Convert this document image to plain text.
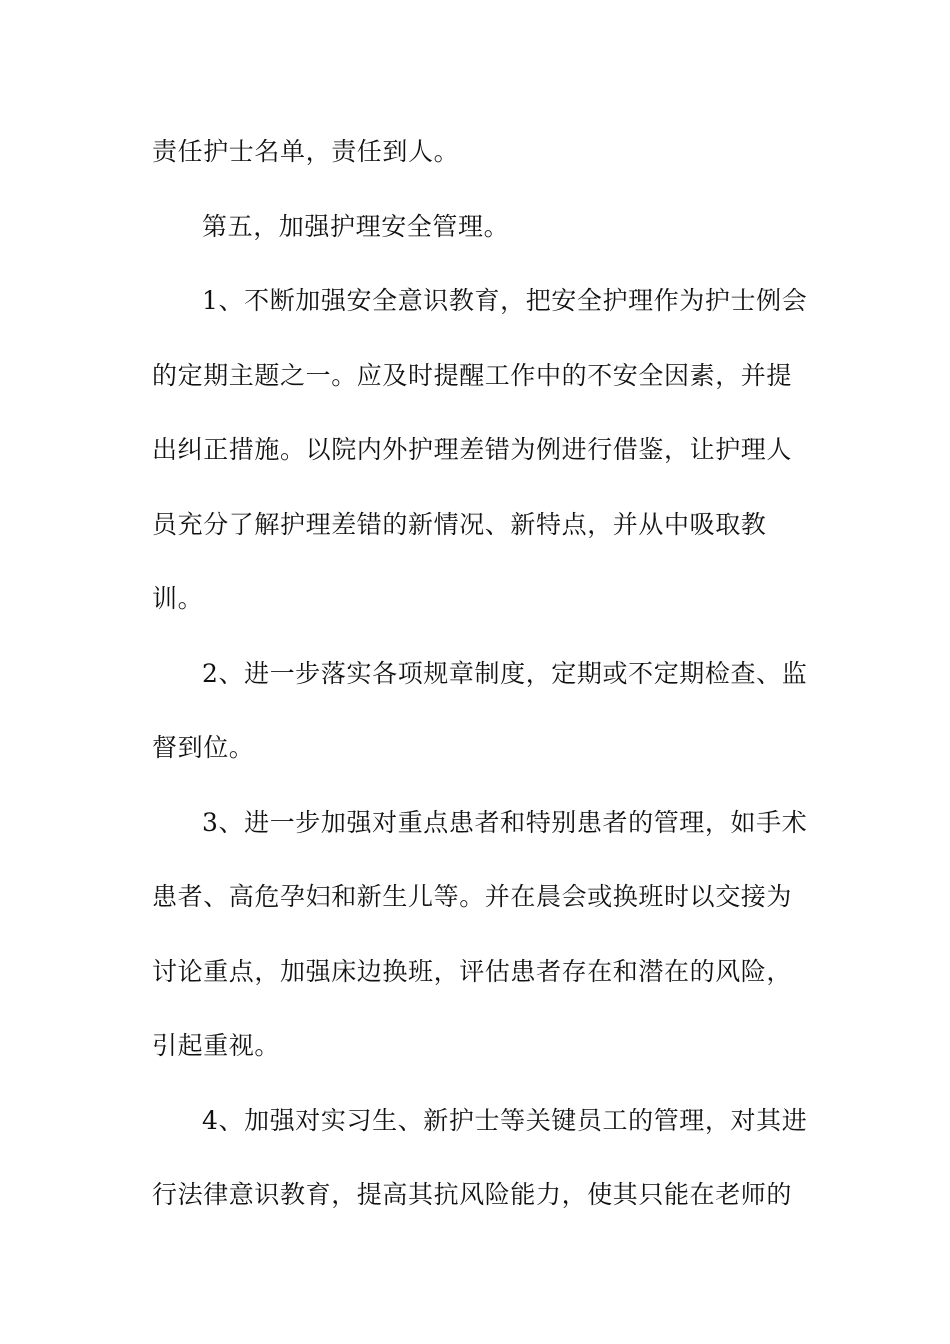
责任护士名单，责任到人。
第五，加强护理安全管理。
1、不断加强安全意识教育，把安全护理作为护士例会
的定期主题之一。应及时提醒工作中的不安全因素，并提
出纠正措施。以院内外护理差错为例进行借鉴，让护理人
员充分了解护理差错的新情况、新特点，并从中吸取教
训。
2、进一步落实各项规章制度，定期或不定期检查、监
督到位。
3、进一步加强对重点患者和特别患者的管理，如手术
患者、高危孕妇和新生儿等。并在晨会或换班时以交接为
讨论重点，加强床边换班，评估患者存在和潜在的风险，
引起重视。
4、加强对实习生、新护士等关键员工的管理，对其进
行法律意识教育，提高其抗风险能力，使其只能在老师的
